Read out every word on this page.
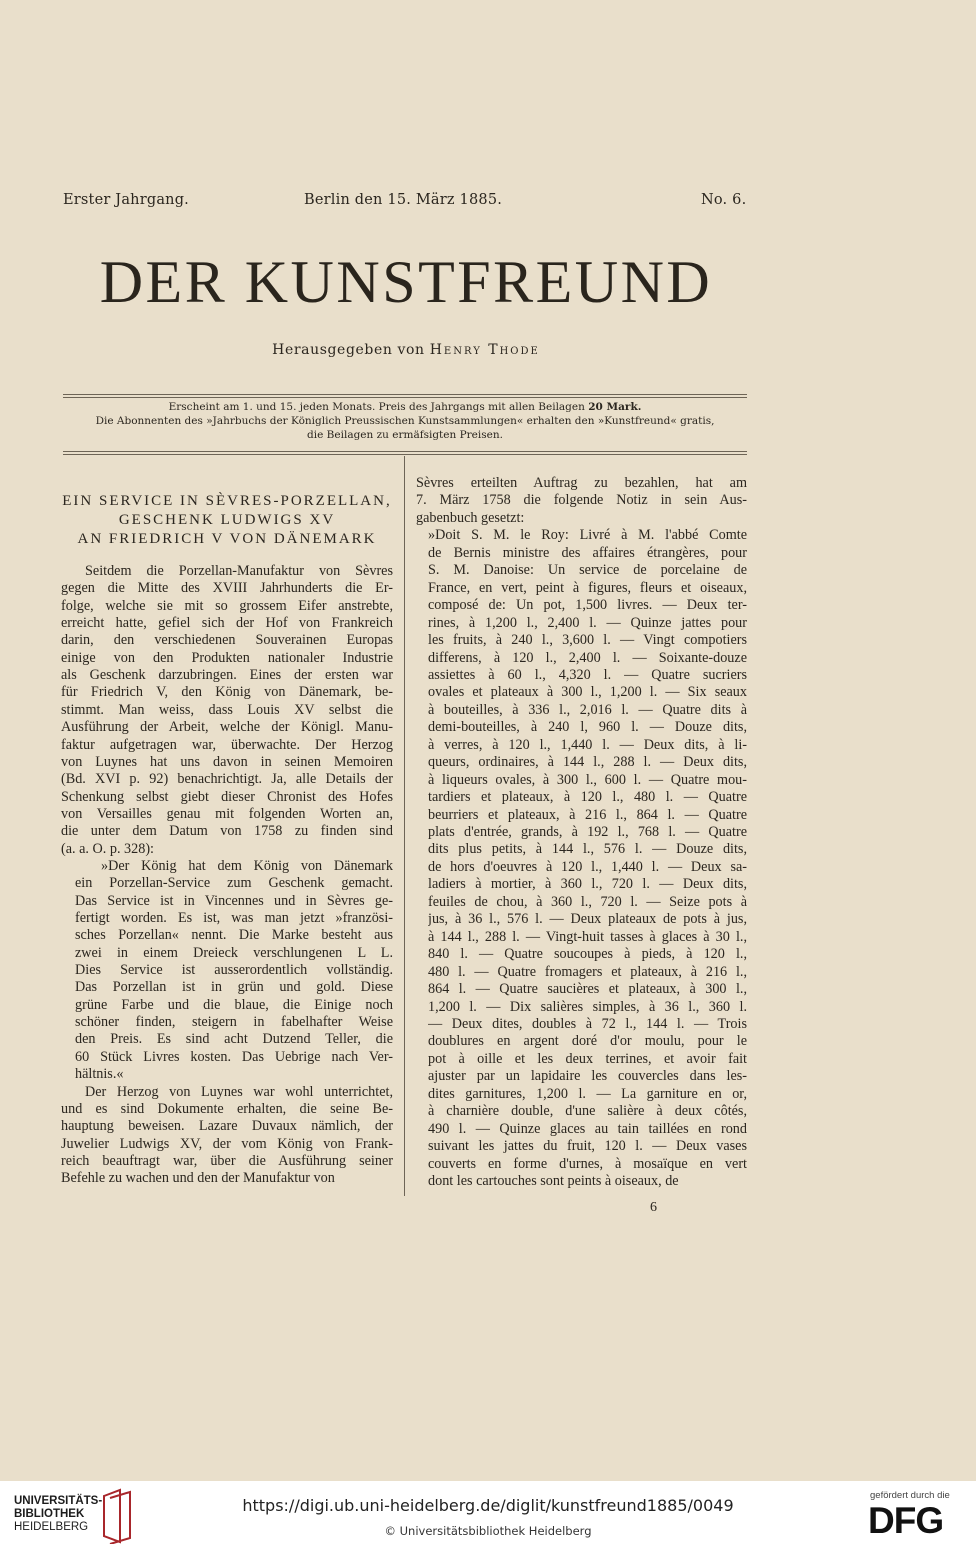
Erster Jahrgang.	Berlin den 15. März 1885.	No. 6.
DER KUNSTFREUND
Herausgegeben von Henry Thode
Erscheint am 1. und 15. jeden Monats. Preis des Jahrgangs mit allen Beilagen 20 Mark.
Die Abonnenten des »Jahrbuchs der Königlich Preussischen Kunstsammlungen« erhalten den »Kunstfreund« gratis,
die Beilagen zu ermäfsigten Preisen.
EIN SERVICE IN SÈVRES-PORZELLAN,
GESCHENK LUDWIGS XV
AN FRIEDRICH V VON DÄNEMARK
Seitdem die Porzellan-Manufaktur von Sèvres
gegen die Mitte des XVIII Jahrhunderts die Er-
folge, welche sie mit so grossem Eifer anstrebte,
erreicht hatte, gefiel sich der Hof von Frankreich
darin, den verschiedenen Souverainen Europas
einige von den Produkten nationaler Industrie
als Geschenk darzubringen. Eines der ersten war
für Friedrich V, den König von Dänemark, be-
stimmt. Man weiss, dass Louis XV selbst die
Ausführung der Arbeit, welche der Königl. Manu-
faktur aufgetragen war, überwachte. Der Herzog
von Luynes hat uns davon in seinen Memoiren
(Bd. XVI p. 92) benachrichtigt. Ja, alle Details der
Schenkung selbst giebt dieser Chronist des Hofes
von Versailles genau mit folgenden Worten an,
die unter dem Datum von 1758 zu finden sind
(a. a. O. p. 328):
»Der König hat dem König von Dänemark
ein Porzellan-Service zum Geschenk gemacht.
Das Service ist in Vincennes und in Sèvres ge-
fertigt worden. Es ist, was man jetzt »französi-
sches Porzellan« nennt. Die Marke besteht aus
zwei in einem Dreieck verschlungenen L L.
Dies Service ist ausserordentlich vollständig.
Das Porzellan ist in grün und gold. Diese
grüne Farbe und die blaue, die Einige noch
schöner finden, steigern in fabelhafter Weise
den Preis. Es sind acht Dutzend Teller, die
60 Stück Livres kosten. Das Uebrige nach Ver-
hältnis.«
Der Herzog von Luynes war wohl unterrichtet,
und es sind Dokumente erhalten, die seine Be-
hauptung beweisen. Lazare Duvaux nämlich, der
Juwelier Ludwigs XV, der vom König von Frank-
reich beauftragt war, über die Ausführung seiner
Befehle zu wachen und den der Manufaktur von
Sèvres erteilten Auftrag zu bezahlen, hat am
7. März 1758 die folgende Notiz in sein Aus-
gabenbuch gesetzt:
»Doit S. M. le Roy: Livré à M. l'abbé Comte
de Bernis ministre des affaires étrangères, pour
S. M. Danoise: Un service de porcelaine de
France, en vert, peint à figures, fleurs et oiseaux,
composé de: Un pot, 1,500 livres. — Deux ter-
rines, à 1,200 l., 2,400 l. — Quinze jattes pour
les fruits, à 240 l., 3,600 l. — Vingt compotiers
differens, à 120 l., 2,400 l. — Soixante-douze
assiettes à 60 l., 4,320 l. — Quatre sucriers
ovales et plateaux à 300 l., 1,200 l. — Six seaux
à bouteilles, à 336 l., 2,016 l. — Quatre dits à
demi-bouteilles, à 240 l, 960 l. — Douze dits,
à verres, à 120 l., 1,440 l. — Deux dits, à li-
queurs, ordinaires, à 144 l., 288 l. — Deux dits,
à liqueurs ovales, à 300 l., 600 l. — Quatre mou-
tardiers et plateaux, à 120 l., 480 l. — Quatre
beurriers et plateaux, à 216 l., 864 l. — Quatre
plats d'entrée, grands, à 192 l., 768 l. — Quatre
dits plus petits, à 144 l., 576 l. — Douze dits,
de hors d'oeuvres à 120 l., 1,440 l. — Deux sa-
ladiers à mortier, à 360 l., 720 l. — Deux dits,
feuiles de chou, à 360 l., 720 l. — Seize pots à
jus, à 36 l., 576 l. — Deux plateaux de pots à jus,
à 144 l., 288 l. — Vingt-huit tasses à glaces à 30 l.,
840 l. — Quatre soucoupes à pieds, à 120 l.,
480 l. — Quatre fromagers et plateaux, à 216 l.,
864 l. — Quatre saucières et plateaux, à 300 l.,
1,200 l. — Dix salières simples, à 36 l., 360 l.
— Deux dites, doubles à 72 l., 144 l. — Trois
doublures en argent doré d'or moulu, pour le
pot à oille et les deux terrines, et avoir fait
ajuster par un lapidaire les couvercles dans les-
dites garnitures, 1,200 l. — La garniture en or,
à charnière double, d'une salière à deux côtés,
490 l. — Quinze glaces au tain taillées en rond
suivant les jattes du fruit, 120 l. — Deux vases
couverts en forme d'urnes, à mosaïque en vert
dont les cartouches sont peints à oiseaux, de
6
UNIVERSITÄTS-
BIBLIOTHEK
HEIDELBERG
https://digi.ub.uni-heidelberg.de/diglit/kunstfreund1885/0049
© Universitätsbibliothek Heidelberg
gefördert durch die
DFG
